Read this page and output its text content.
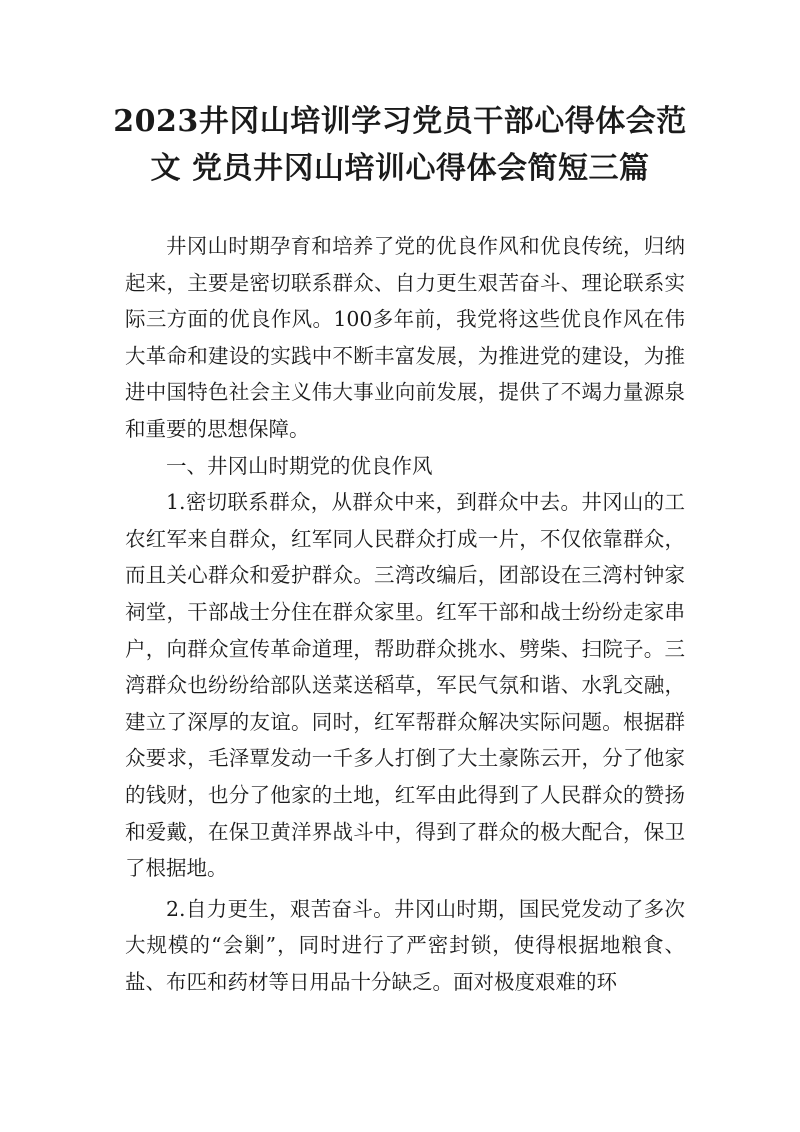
2023井冈山培训学习党员干部心得体会范文 党员井冈山培训心得体会简短三篇

井冈山时期孕育和培养了党的优良作风和优良传统，归纳起来，主要是密切联系群众、自力更生艰苦奋斗、理论联系实际三方面的优良作风。100多年前，我党将这些优良作风在伟大革命和建设的实践中不断丰富发展，为推进党的建设，为推进中国特色社会主义伟大事业向前发展，提供了不竭力量源泉和重要的思想保障。

一、井冈山时期党的优良作风

1.密切联系群众，从群众中来，到群众中去。井冈山的工农红军来自群众，红军同人民群众打成一片，不仅依靠群众，而且关心群众和爱护群众。三湾改编后，团部设在三湾村钟家祠堂，干部战士分住在群众家里。红军干部和战士纷纷走家串户，向群众宣传革命道理，帮助群众挑水、劈柴、扫院子。三湾群众也纷纷给部队送菜送稻草，军民气氛和谐、水乳交融，建立了深厚的友谊。同时，红军帮群众解决实际问题。根据群众要求，毛泽覃发动一千多人打倒了大土豪陈云开，分了他家的钱财，也分了他家的土地，红军由此得到了人民群众的赞扬和爱戴，在保卫黄洋界战斗中，得到了群众的极大配合，保卫了根据地。

2.自力更生，艰苦奋斗。井冈山时期，国民党发动了多次大规模的“会剿”，同时进行了严密封锁，使得根据地粮食、盐、布匹和药材等日用品十分缺乏。面对极度艰难的环
